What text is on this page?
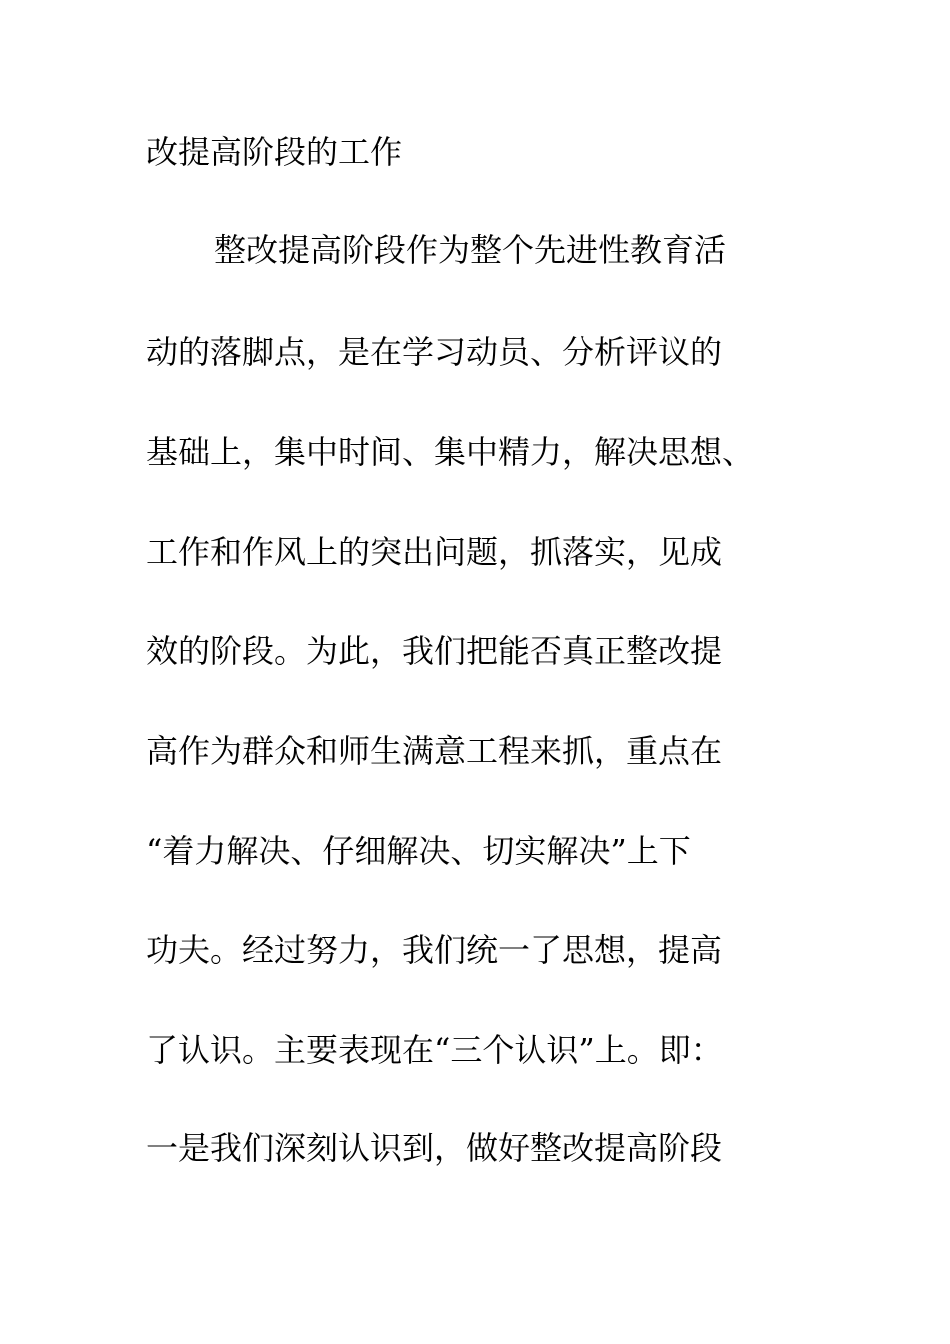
改提高阶段的工作

整改提高阶段作为整个先进性教育活

动的落脚点，是在学习动员、分析评议的

基础上，集中时间、集中精力，解决思想、

工作和作风上的突出问题，抓落实，见成

效的阶段。为此，我们把能否真正整改提

高作为群众和师生满意工程来抓，重点在

“着力解决、仔细解决、切实解决”上下

功夫。经过努力，我们统一了思想，提高

了认识。主要表现在“三个认识”上。即：

一是我们深刻认识到，做好整改提高阶段
